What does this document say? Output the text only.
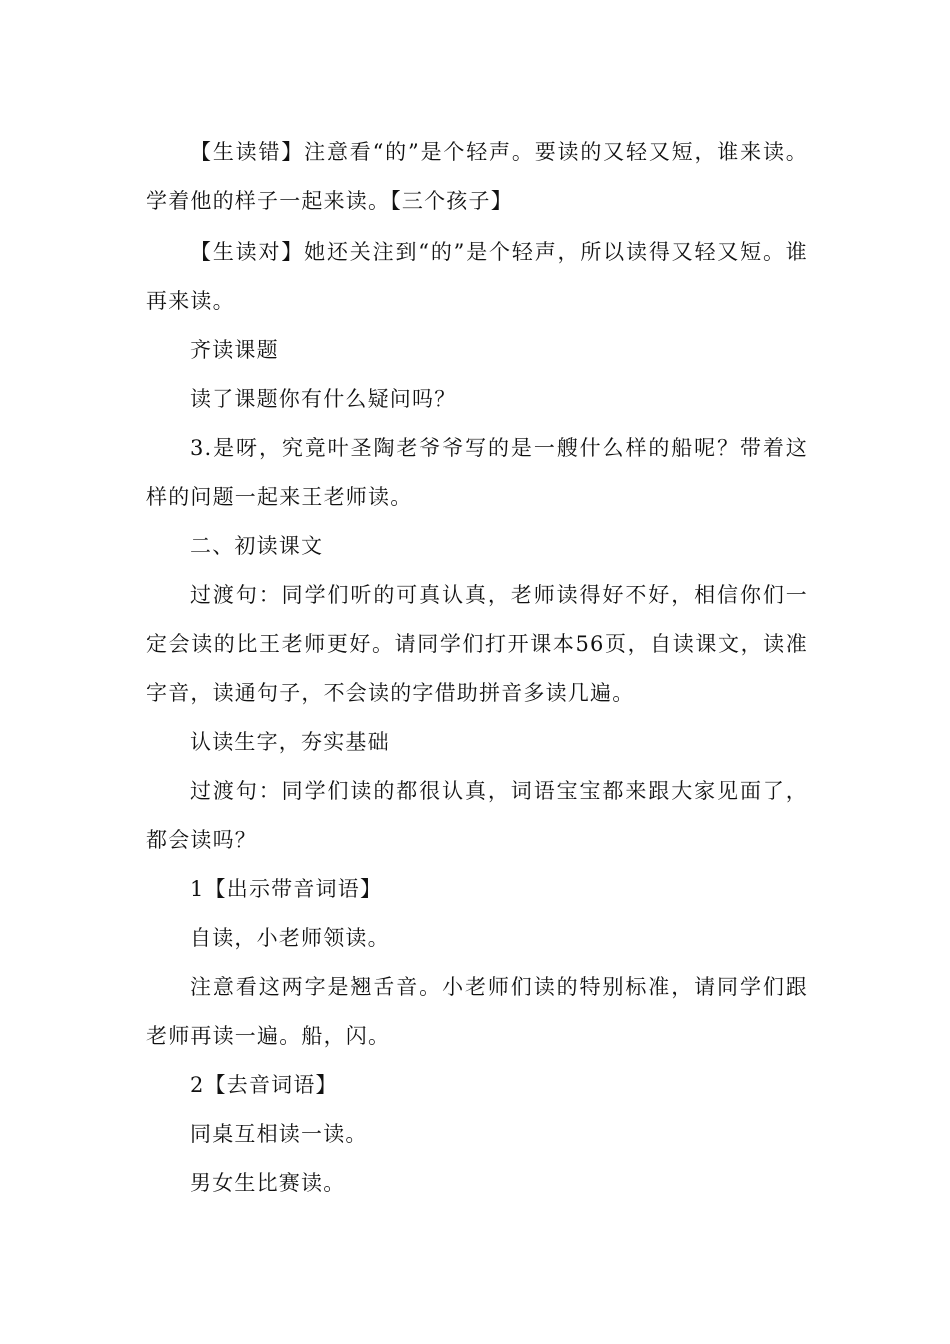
【生读错】注意看“的”是个轻声。要读的又轻又短，谁来读。学着他的样子一起来读。【三个孩子】

【生读对】她还关注到“的”是个轻声，所以读得又轻又短。谁再来读。

齐读课题

读了课题你有什么疑问吗？

3.是呀，究竟叶圣陶老爷爷写的是一艘什么样的船呢？带着这样的问题一起来王老师读。

二、初读课文

过渡句：同学们听的可真认真，老师读得好不好，相信你们一定会读的比王老师更好。请同学们打开课本56页，自读课文，读准字音，读通句子，不会读的字借助拼音多读几遍。

认读生字，夯实基础

过渡句：同学们读的都很认真，词语宝宝都来跟大家见面了，都会读吗？

1【出示带音词语】

自读，小老师领读。

注意看这两字是翘舌音。小老师们读的特别标准，请同学们跟老师再读一遍。船，闪。

2【去音词语】

同桌互相读一读。

男女生比赛读。
